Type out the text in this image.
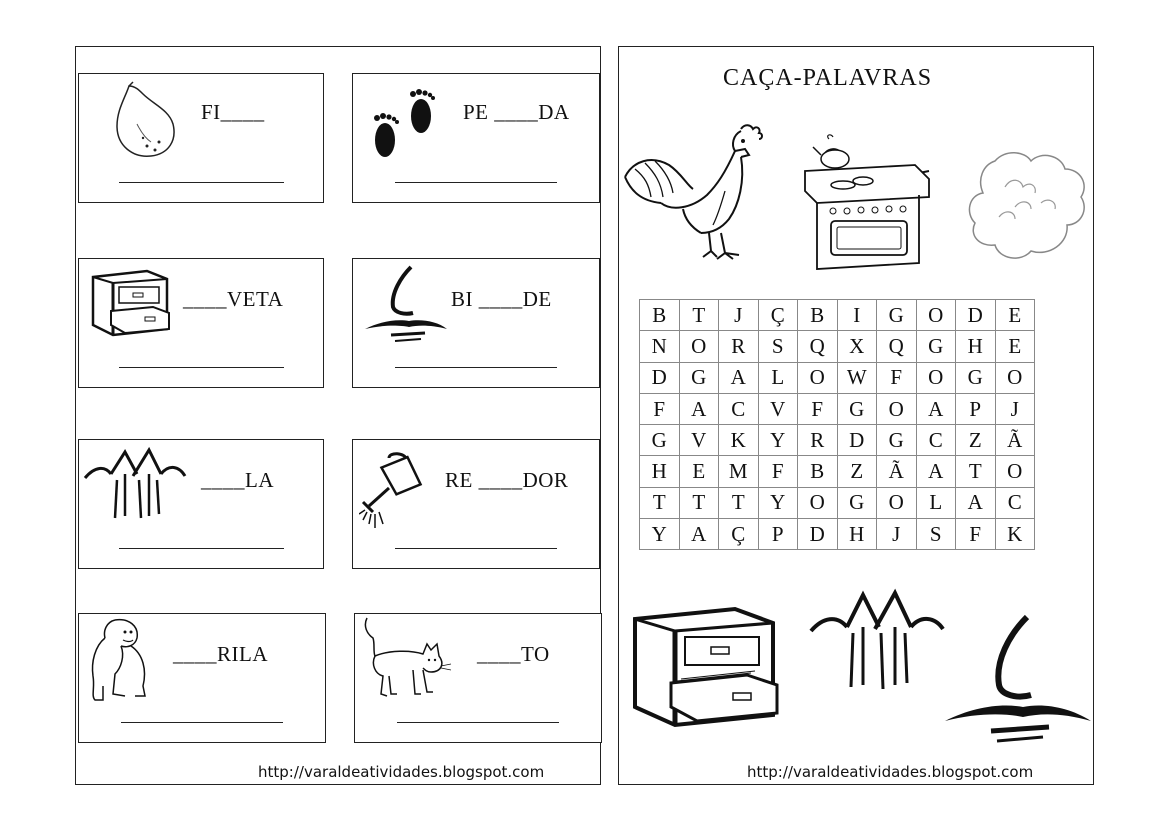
FI____	PE ____DA
____VETA	BI ____DE
____LA	RE ____DOR
____RILA	____TO
http://varaldeatividades.blogspot.com
CAÇA-PALAVRAS
B	T	J	Ç	B	I	G	O	D	E
N	O	R	S	Q	X	Q	G	H	E
D	G	A	L	O	W	F	O	G	O
F	A	C	V	F	G	O	A	P	J
G	V	K	Y	R	D	G	C	Z	Ã
H	E	M	F	B	Z	Ã	A	T	O
T	T	T	Y	O	G	O	L	A	C
Y	A	Ç	P	D	H	J	S	F	K
http://varaldeatividades.blogspot.com
